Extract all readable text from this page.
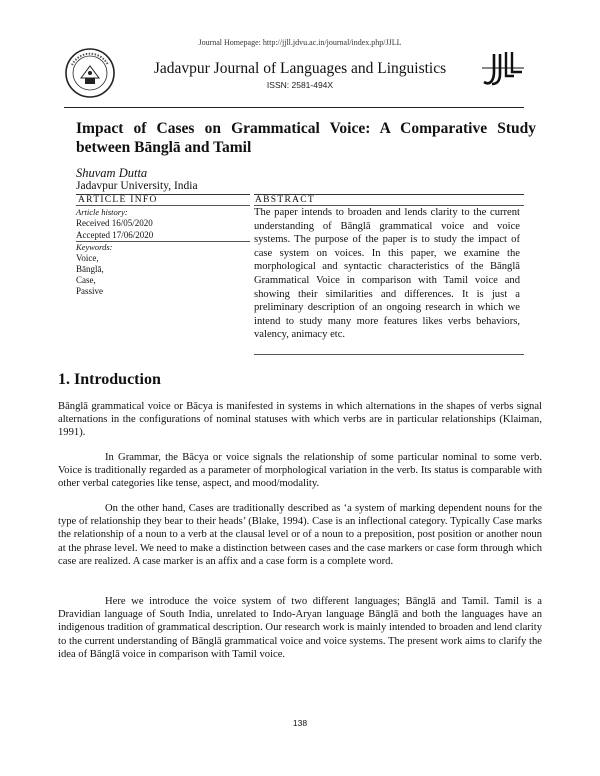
Journal Homepage: http://jjll.jdvu.ac.in/journal/index.php/JJLL
Jadavpur Journal of Languages and Linguistics
ISSN: 2581-494X
Impact of Cases on Grammatical Voice: A Comparative Study between Bānglā and Tamil
Shuvam Dutta
Jadavpur University, India
ARTICLE INFO	ABSTRACT
Article history:
Received 16/05/2020
Accepted 17/06/2020
Keywords:
Voice,
Bānglā,
Case,
Passive
The paper intends to broaden and lends clarity to the current understanding of Bānglā grammatical voice and voice systems. The purpose of the paper is to study the impact of case system on voices. In this paper, we examine the morphological and syntactic characteristics of the Bānglā Grammatical Voice in comparison with Tamil voice and showing their similarities and differences. It is just a preliminary description of an ongoing research in which we intend to study many more features likes verbs behaviors, valency, animacy etc.
1. Introduction
Bānglā grammatical voice or Bācya is manifested in systems in which alternations in the shapes of verbs signal alternations in the configurations of nominal statuses with which verbs are in particular relationships (Klaiman, 1991).
In Grammar, the Bācya or voice signals the relationship of some particular nominal to some verb. Voice is traditionally regarded as a parameter of morphological variation in the verb. Its status is comparable with other verbal categories like tense, aspect, and mood/modality.
On the other hand, Cases are traditionally described as ‘a system of marking dependent nouns for the type of relationship they bear to their heads’ (Blake, 1994). Case is an inflectional category. Typically Case marks the relationship of a noun to a verb at the clausal level or of a noun to a preposition, post position or another noun at the phrase level. We need to make a distinction between cases and the case markers or case form through which case are realized. A case marker is an affix and a case form is a complete word.
Here we introduce the voice system of two different languages; Bānglā and Tamil. Tamil is a Dravidian language of South India, unrelated to Indo-Aryan language Bānglā and both the languages have an indigenous tradition of grammatical description. Our research work is mainly intended to broaden and lend clarity to the current understanding of Bānglā grammatical voice and voice systems. The present work aims to clarify the idea of Bānglā voice in comparison with Tamil voice.
138
